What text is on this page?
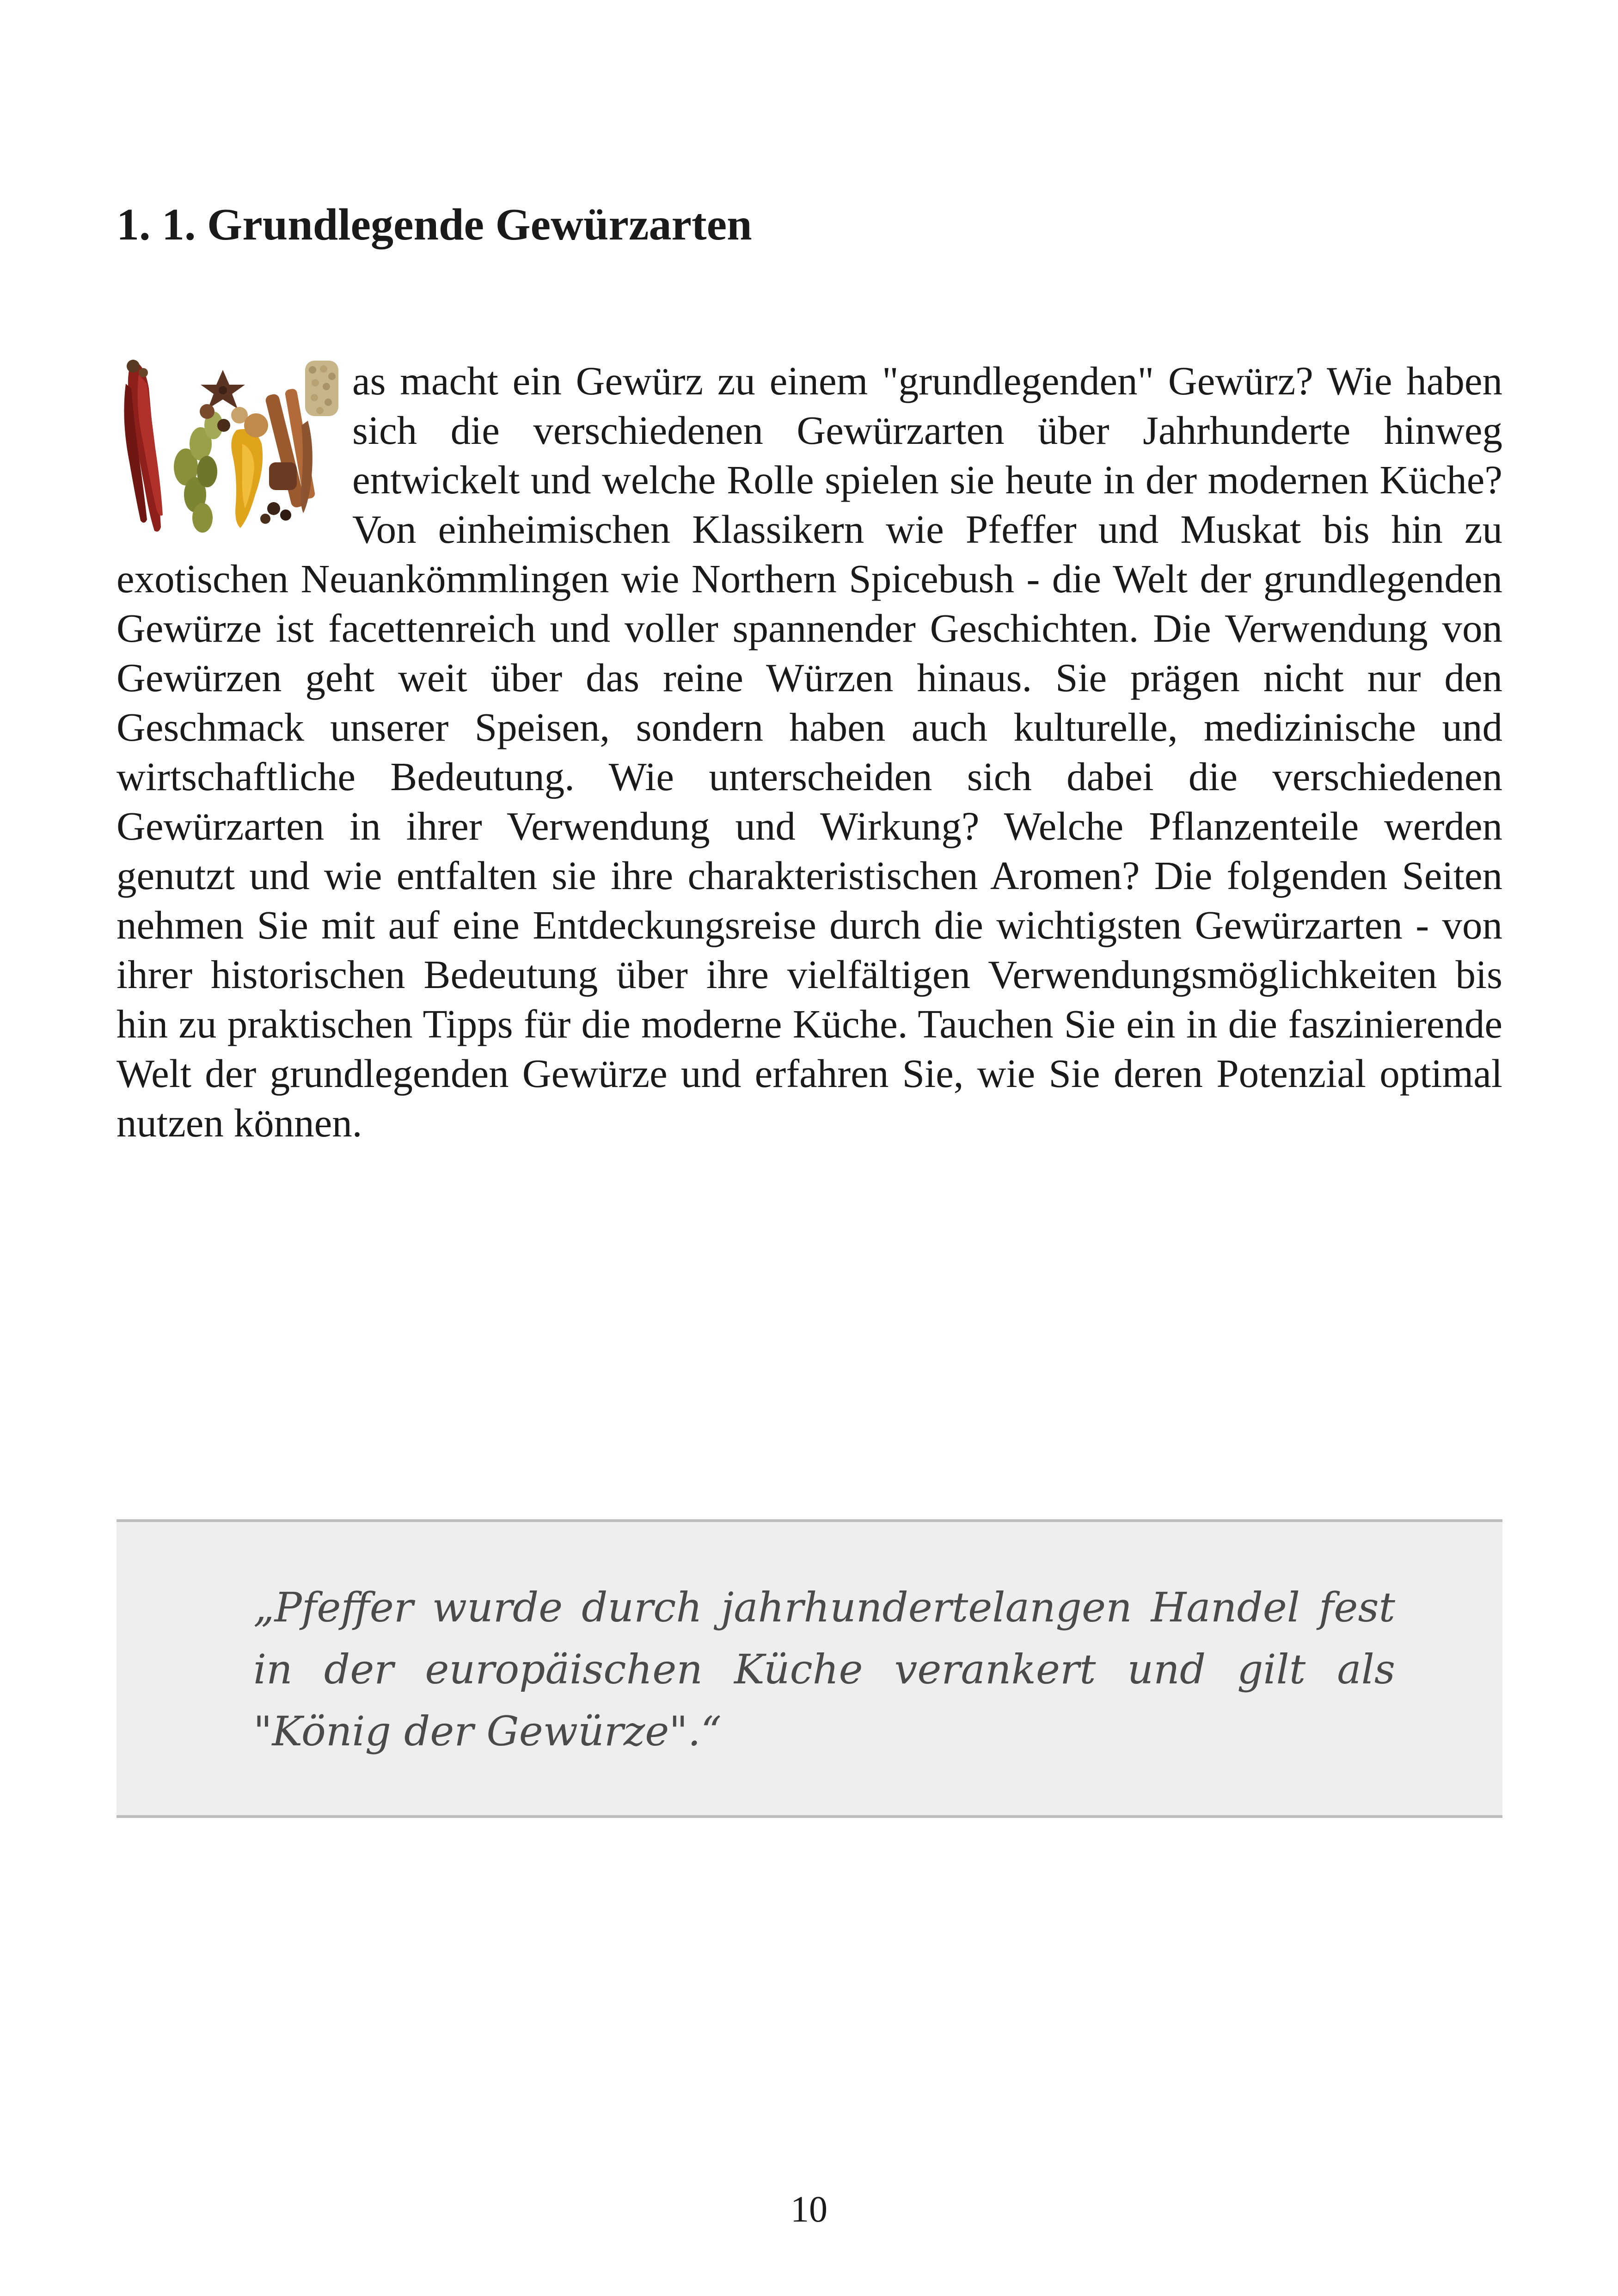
1. 1. Grundlegende Gewürzarten

as macht ein Gewürz zu einem "grundlegenden" Gewürz? Wie haben sich die verschiedenen Gewürzarten über Jahrhunderte hinweg entwickelt und welche Rolle spielen sie heute in der modernen Küche? Von einheimischen Klassikern wie Pfeffer und Muskat bis hin zu exotischen Neuankömmlingen wie Northern Spicebush - die Welt der grundlegenden Gewürze ist facettenreich und voller spannender Geschichten. Die Verwendung von Gewürzen geht weit über das reine Würzen hinaus. Sie prägen nicht nur den Geschmack unserer Speisen, sondern haben auch kulturelle, medizinische und wirtschaftliche Bedeutung. Wie unterscheiden sich dabei die verschiedenen Gewürzarten in ihrer Verwendung und Wirkung? Welche Pflanzenteile werden genutzt und wie entfalten sie ihre charakteristischen Aromen? Die folgenden Seiten nehmen Sie mit auf eine Entdeckungsreise durch die wichtigsten Gewürzarten - von ihrer historischen Bedeutung über ihre vielfältigen Verwendungsmöglichkeiten bis hin zu praktischen Tipps für die moderne Küche. Tauchen Sie ein in die faszinierende Welt der grundlegenden Gewürze und erfahren Sie, wie Sie deren Potenzial optimal nutzen können.

„Pfeffer wurde durch jahrhundertelangen Handel fest in der europäischen Küche verankert und gilt als "König der Gewürze".“

10
